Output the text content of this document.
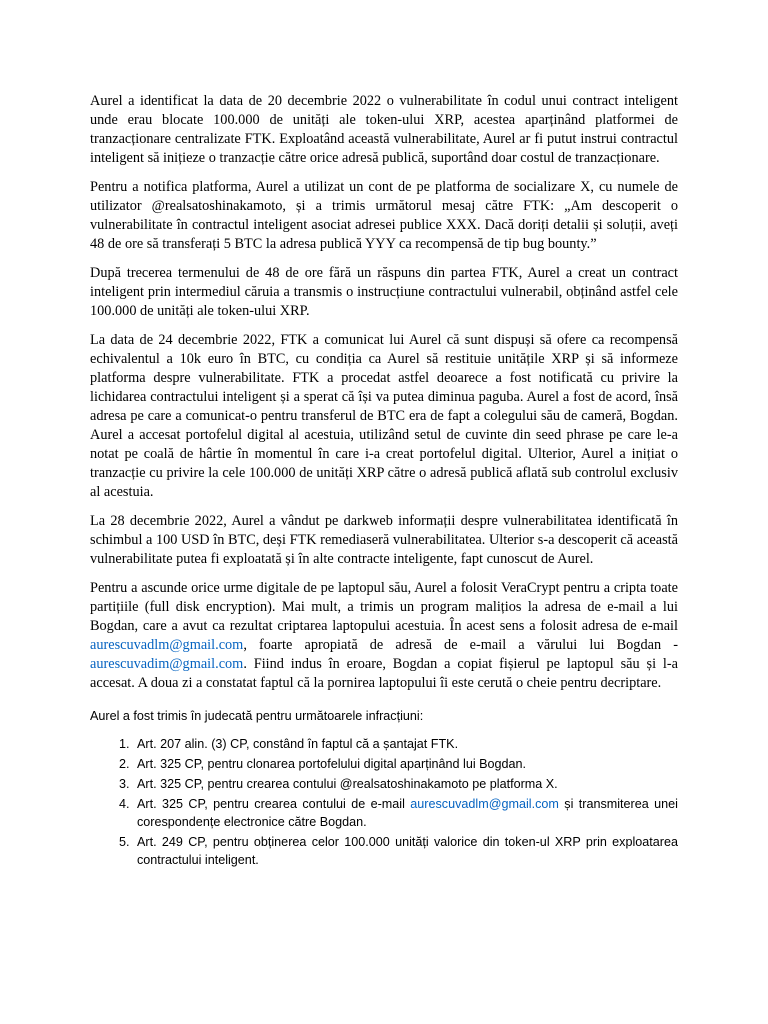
Aurel a identificat la data de 20 decembrie 2022 o vulnerabilitate în codul unui contract inteligent unde erau blocate 100.000 de unități ale token-ului XRP, acestea aparținând platformei de tranzacționare centralizate FTK. Exploatând această vulnerabilitate, Aurel ar fi putut instrui contractul inteligent să inițieze o tranzacție către orice adresă publică, suportând doar costul de tranzacționare.

Pentru a notifica platforma, Aurel a utilizat un cont de pe platforma de socializare X, cu numele de utilizator @realsatoshinakamoto, și a trimis următorul mesaj către FTK: „Am descoperit o vulnerabilitate în contractul inteligent asociat adresei publice XXX. Dacă doriți detalii și soluții, aveți 48 de ore să transferați 5 BTC la adresa publică YYY ca recompensă de tip bug bounty.”

După trecerea termenului de 48 de ore fără un răspuns din partea FTK, Aurel a creat un contract inteligent prin intermediul căruia a transmis o instrucțiune contractului vulnerabil, obținând astfel cele 100.000 de unități ale token-ului XRP.

La data de 24 decembrie 2022, FTK a comunicat lui Aurel că sunt dispuși să ofere ca recompensă echivalentul a 10k euro în BTC, cu condiția ca Aurel să restituie unitățile XRP și să informeze platforma despre vulnerabilitate. FTK a procedat astfel deoarece a fost notificată cu privire la lichidarea contractului inteligent și a sperat că își va putea diminua paguba. Aurel a fost de acord, însă adresa pe care a comunicat-o pentru transferul de BTC era de fapt a colegului său de cameră, Bogdan. Aurel a accesat portofelul digital al acestuia, utilizând setul de cuvinte din seed phrase pe care le-a notat pe coală de hârtie în momentul în care i-a creat portofelul digital. Ulterior, Aurel a inițiat o tranzacție cu privire la cele 100.000 de unități XRP către o adresă publică aflată sub controlul exclusiv al acestuia.

La 28 decembrie 2022, Aurel a vândut pe darkweb informații despre vulnerabilitatea identificată în schimbul a 100 USD în BTC, deși FTK remediaseră vulnerabilitatea. Ulterior s-a descoperit că această vulnerabilitate putea fi exploatată și în alte contracte inteligente, fapt cunoscut de Aurel.

Pentru a ascunde orice urme digitale de pe laptopul său, Aurel a folosit VeraCrypt pentru a cripta toate partițiile (full disk encryption). Mai mult, a trimis un program malițios la adresa de e-mail a lui Bogdan, care a avut ca rezultat criptarea laptopului acestuia. În acest sens a folosit adresa de e-mail aurescuvadlm@gmail.com, foarte apropiată de adresă de e-mail a vărului lui Bogdan - aurescuvadim@gmail.com. Fiind indus în eroare, Bogdan a copiat fișierul pe laptopul său și l-a accesat. A doua zi a constatat faptul că la pornirea laptopului îi este cerută o cheie pentru decriptare.

Aurel a fost trimis în judecată pentru următoarele infracțiuni:
1. Art. 207 alin. (3) CP, constând în faptul că a șantajat FTK.
2. Art. 325 CP, pentru clonarea portofelului digital aparținând lui Bogdan.
3. Art. 325 CP, pentru crearea contului @realsatoshinakamoto pe platforma X.
4. Art. 325 CP, pentru crearea contului de e-mail aurescuvadlm@gmail.com și transmiterea unei corespondențe electronice către Bogdan.
5. Art. 249 CP, pentru obținerea celor 100.000 unități valorice din token-ul XRP prin exploatarea contractului inteligent.
